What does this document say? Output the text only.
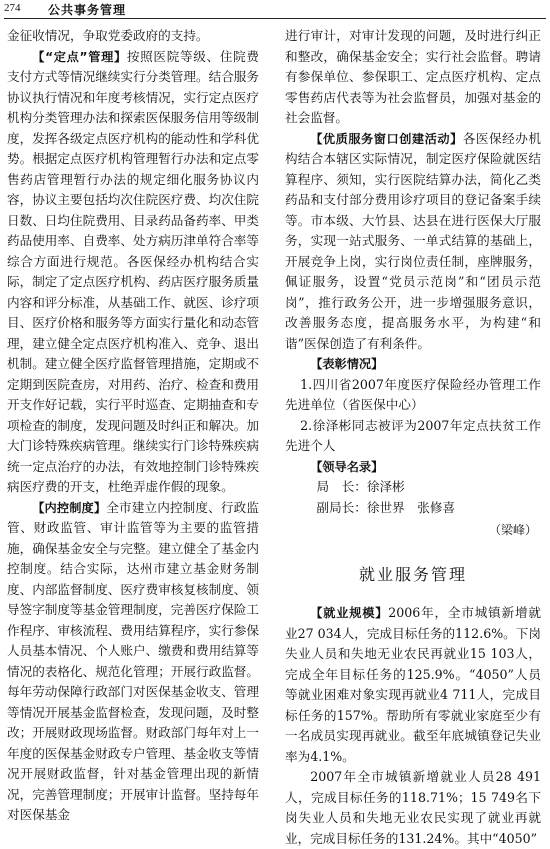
274 公共事务管理

金征收情况，争取党委政府的支持。

【“定点”管理】按照医院等级、住院费支付方式等情况继续实行分类管理。结合服务协议执行情况和年度考核情况，实行定点医疗机构分类管理办法和探索医保服务信用等级制度，发挥各级定点医疗机构的能动性和学科优势。根据定点医疗机构管理暂行办法和定点零售药店管理暂行办法的规定细化服务协议内容，协议主要包括均次住院医疗费、均次住院日数、日均住院费用、目录药品备药率、甲类药品使用率、自费率、处方病历津单符合率等综合方面进行规范。各医保经办机构结合实际，制定了定点医疗机构、药店医疗服务质量内容和评分标准，从基础工作、就医、诊疗项目、医疗价格和服务等方面实行量化和动态管理，建立健全定点医疗机构准入、竞争、退出机制。建立健全医疗监督管理措施，定期或不定期到医院查房，对用药、治疗、检查和费用开支作好记载，实行平时巡查、定期抽查和专项检查的制度，发现问题及时纠正和解决。加大门诊特殊疾病管理。继续实行门诊特殊疾病统一定点治疗的办法，有效地控制门诊特殊疾病医疗费的开支，杜绝弄虚作假的现象。

【内控制度】全市建立内控制度、行政监管、财政监管、审计监管等为主要的监管措施，确保基金安全与完整。建立健全了基金内控制度。结合实际，达州市建立基金财务制度、内部监督制度、医疗费审核复核制度、领导签字制度等基金管理制度，完善医疗保险工作程序、审核流程、费用结算程序，实行参保人员基本情况、个人账户、缴费和费用结算等情况的表格化、规范化管理；开展行政监督。每年劳动保障行政部门对医保基金收支、管理等情况开展基金监督检查，发现问题，及时整改；开展财政现场监督。财政部门每年对上一年度的医保基金财政专户管理、基金收支等情况开展财政监督，针对基金管理出现的新情况，完善管理制度；开展审计监督。坚持每年对医保基金

进行审计，对审计发现的问题，及时进行纠正和整改，确保基金安全；实行社会监督。聘请有参保单位、参保职工、定点医疗机构、定点零售药店代表等为社会监督员，加强对基金的社会监督。

【优质服务窗口创建活动】各医保经办机构结合本辖区实际情况，制定医疗保险就医结算程序、须知，实行医院结算办法，简化乙类药品和支付部分费用诊疗项目的登记备案手续等。市本级、大竹县、达县在进行医保大厅服务，实现一站式服务、一单式结算的基础上，开展竞争上岗，实行岗位责任制，座牌服务，佩证服务，设置“党员示范岗”和“团员示范岗”，推行政务公开，进一步增强服务意识，改善服务态度，提高服务水平，为构建“和谐”医保创造了有利条件。

【表彰情况】

1.四川省2007年度医疗保险经办管理工作先进单位（省医保中心）
2.徐泽彬同志被评为2007年定点扶贫工作先进个人

【领导名录】

局　长：徐泽彬
副局长：徐世界　张修喜
（梁峰）
就业服务管理

【就业规模】2006年，全市城镇新增就业27 034人，完成目标任务的112.6%。下岗失业人员和失地无业农民再就业15 103人，完成全年目标任务的125.9%。“4050”人员等就业困难对象实现再就业4 711人，完成目标任务的157%。帮助所有零就业家庭至少有一名成员实现再就业。截至年底城镇登记失业率为4.1%。

2007年全市城镇新增就业人员28 491人，完成目标任务的118.71%；15 749名下岗失业人员和失地无业农民实现了就业再就业，完成目标任务的131.24%。其中“4050”
